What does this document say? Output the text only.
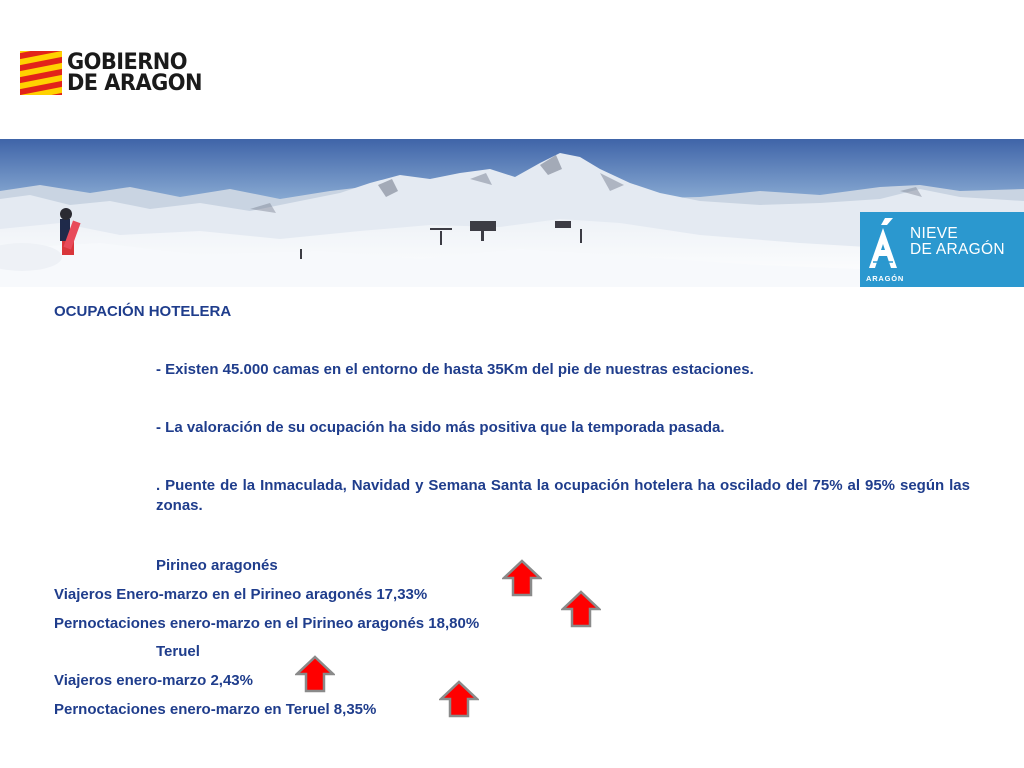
GOBIERNO
DE ARAGON
NIEVE
DE ARAGÓN
ARAGÓN

OCUPACIÓN HOTELERA

- Existen 45.000 camas en el entorno de hasta 35Km del pie de nuestras estaciones.

- La valoración de su ocupación ha sido más positiva que la temporada pasada.

. Puente de la Inmaculada, Navidad y Semana Santa la ocupación hotelera ha oscilado del 75% al 95% según las zonas.

Pirineo aragonés

Viajeros Enero-marzo en el Pirineo aragonés 17,33%

Pernoctaciones enero-marzo en el Pirineo aragonés 18,80%

Teruel

Viajeros enero-marzo 2,43%

Pernoctaciones enero-marzo en Teruel 8,35%
